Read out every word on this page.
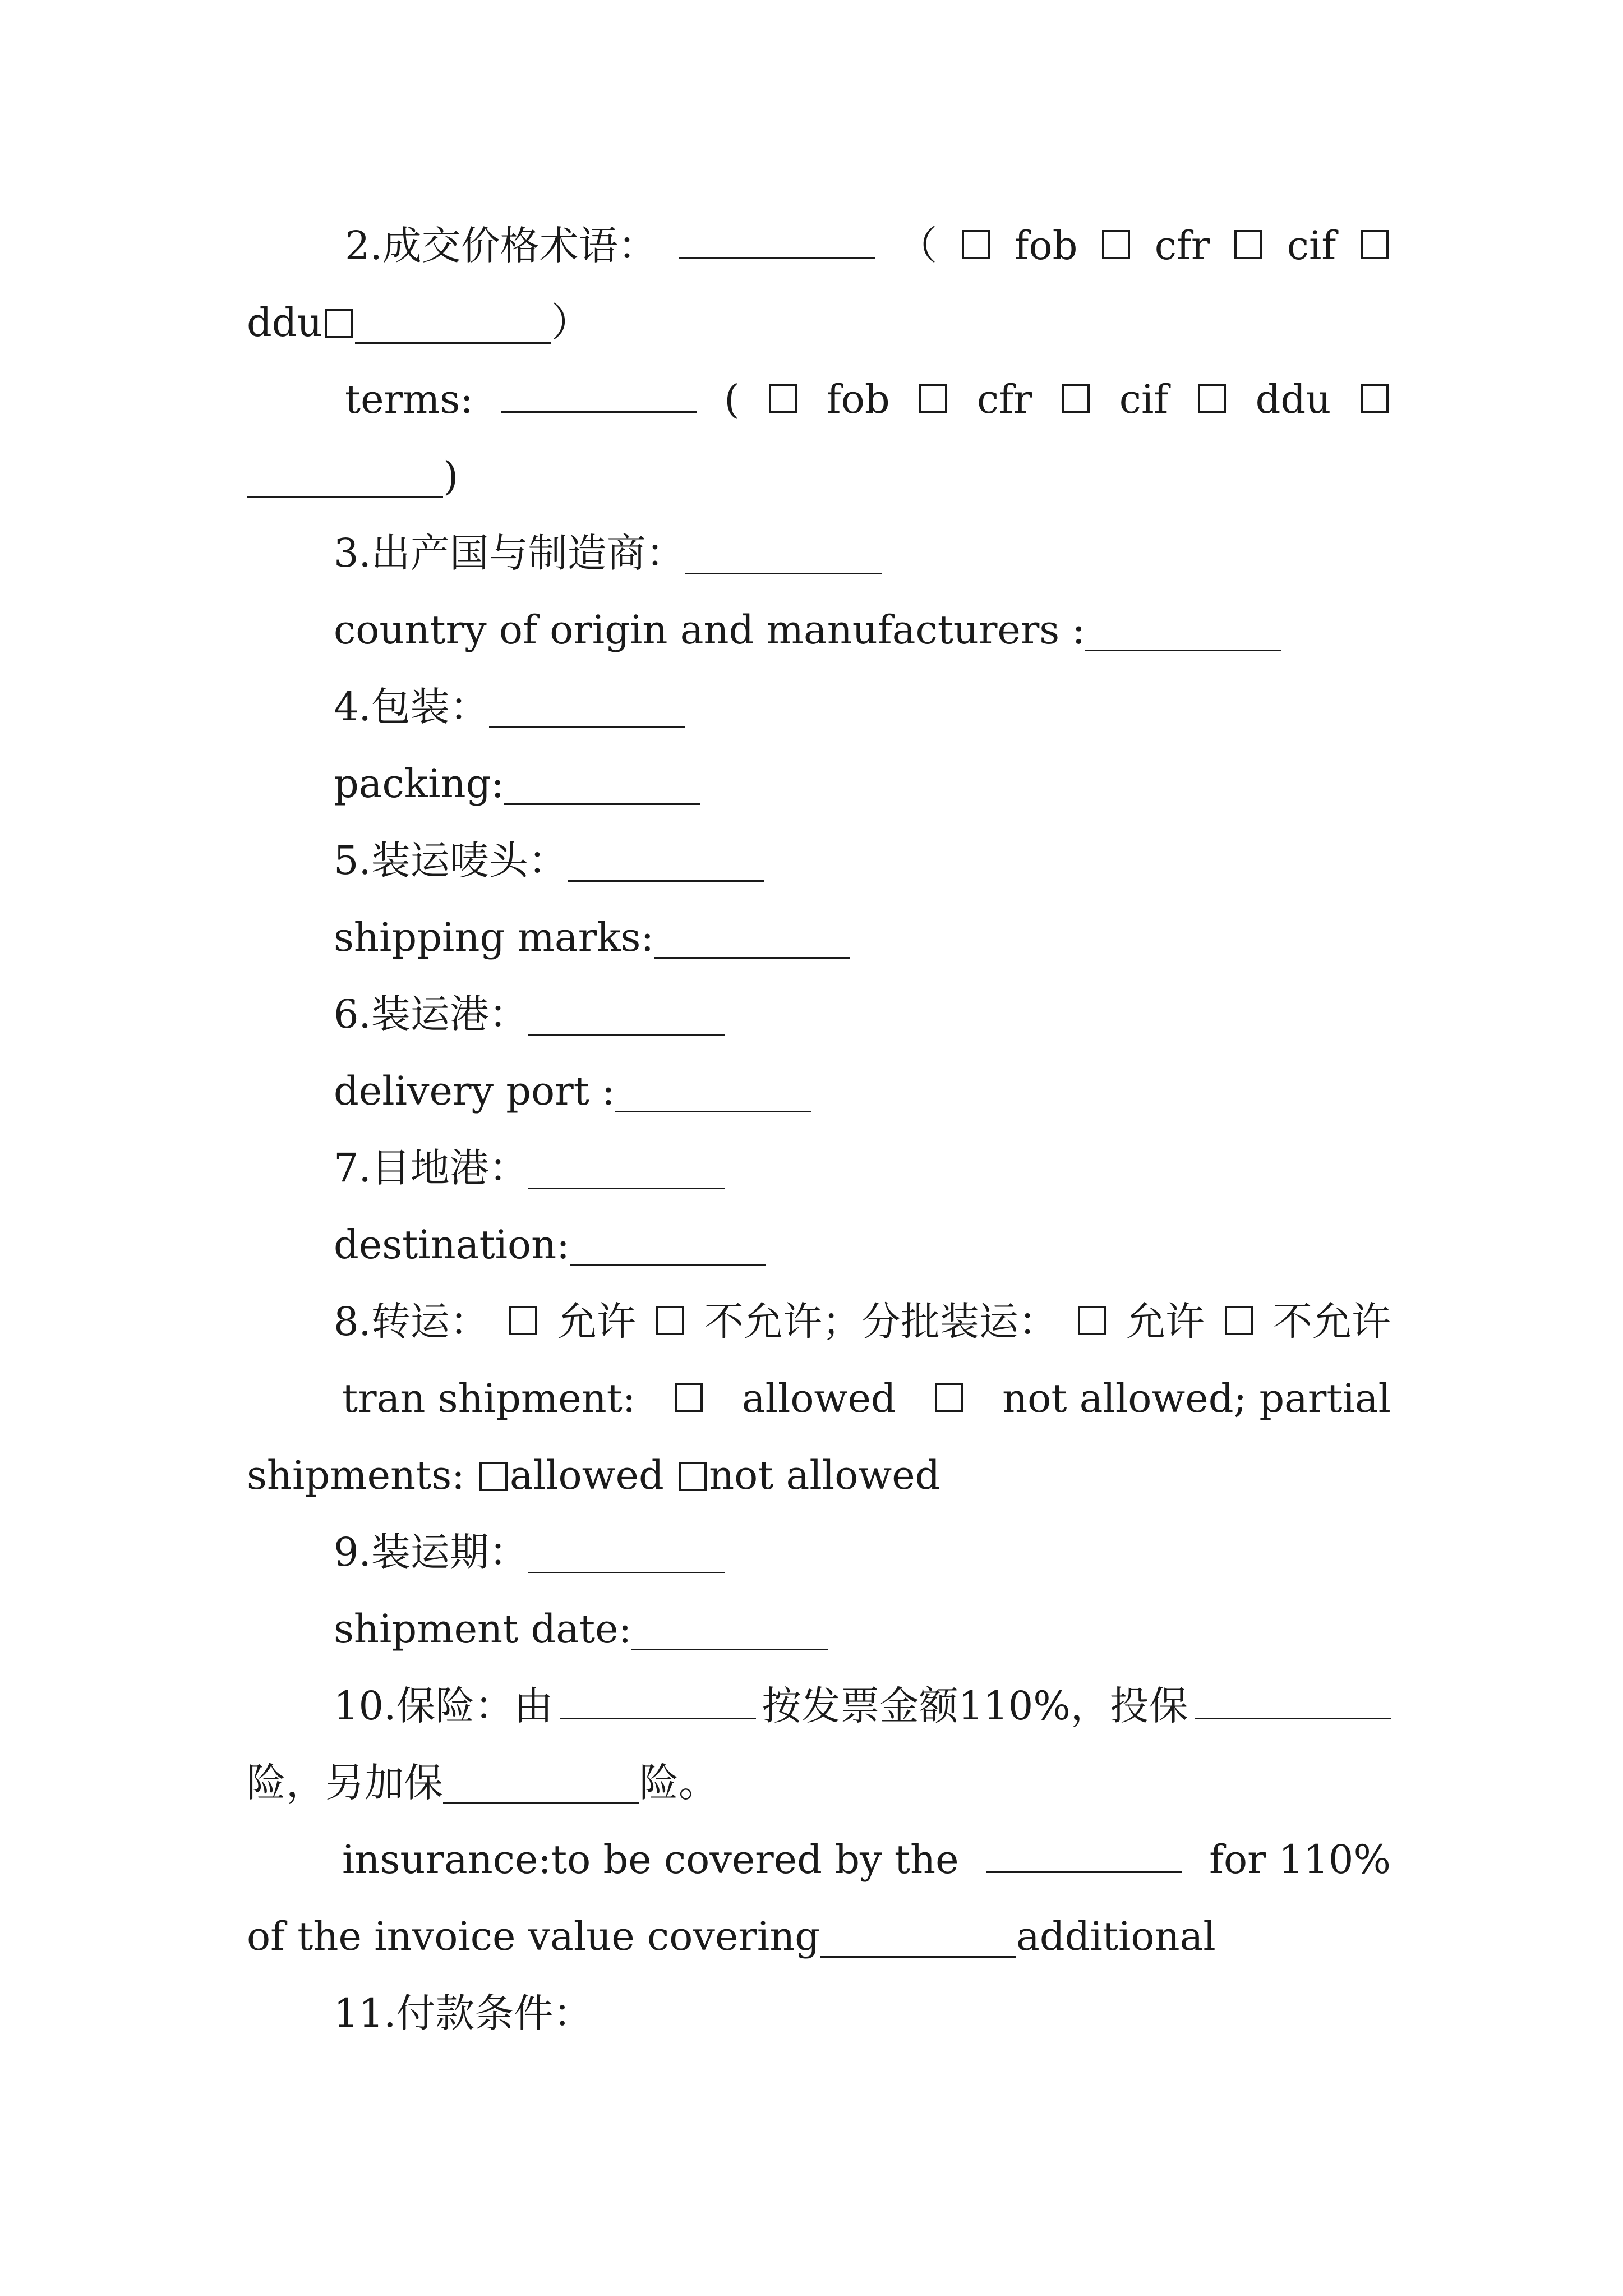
2.成交价格术语：	（ fob cfr cif
ddu	）
terms:	( fob cfr cif ddu
)
3.出产国与制造商：
country of origin and manufacturers :
4.包装：
packing:
5.装运唛头：
shipping marks:
6.装运港：
delivery port :
7.目地港：
destination:
8.转运： 允许 不允许；分批装运： 允许 不允许
tran shipment:	allowed	not allowed; partial
shipments: allowed not allowed
9.装运期：
shipment date:
10.保险：由	按发票金额110%，投保
险，另加保	险。
insurance:to be covered by the	for 110%
of the invoice value covering	additional
11.付款条件：
